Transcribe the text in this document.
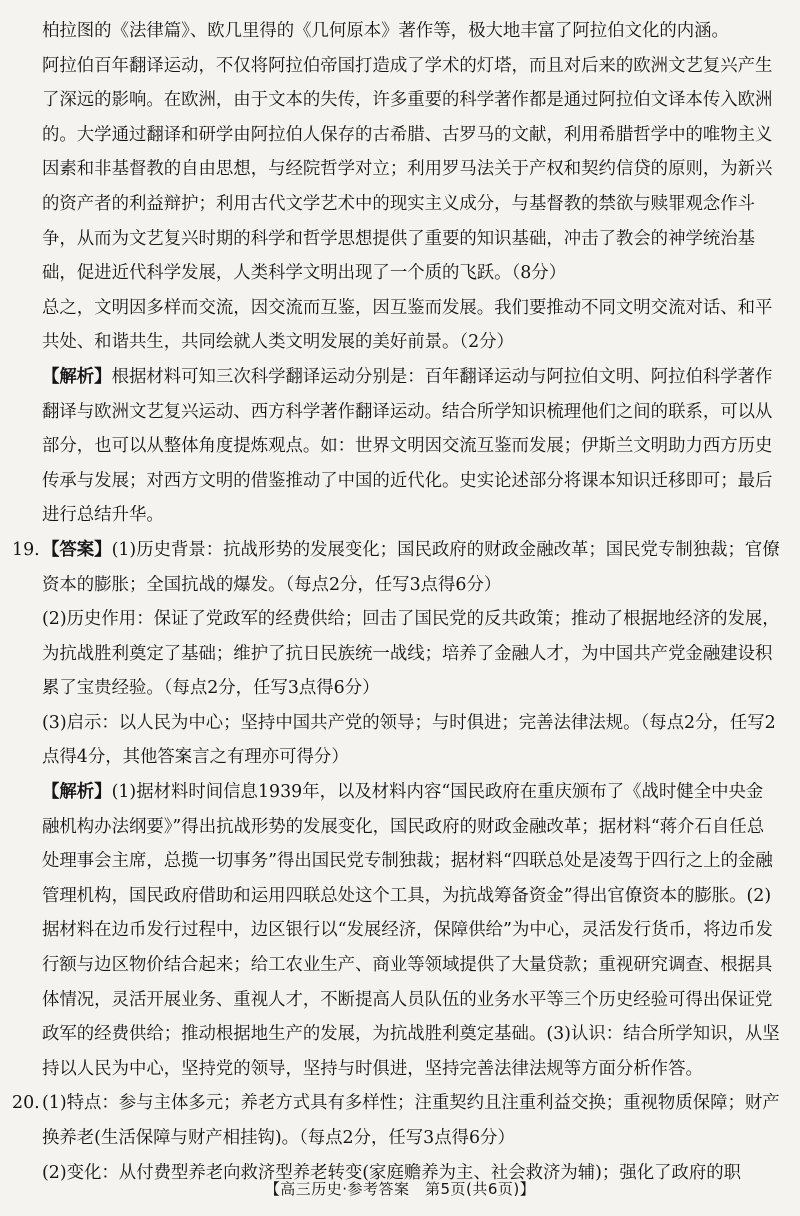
柏拉图的《法律篇》、欧几里得的《几何原本》著作等，极大地丰富了阿拉伯文化的内涵。

阿拉伯百年翻译运动，不仅将阿拉伯帝国打造成了学术的灯塔，而且对后来的欧洲文艺复兴产生了深远的影响。在欧洲，由于文本的失传，许多重要的科学著作都是通过阿拉伯文译本传入欧洲的。大学通过翻译和研学由阿拉伯人保存的古希腊、古罗马的文献，利用希腊哲学中的唯物主义因素和非基督教的自由思想，与经院哲学对立；利用罗马法关于产权和契约信贷的原则，为新兴的资产者的利益辩护；利用古代文学艺术中的现实主义成分，与基督教的禁欲与赎罪观念作斗争，从而为文艺复兴时期的科学和哲学思想提供了重要的知识基础，冲击了教会的神学统治基础，促进近代科学发展，人类科学文明出现了一个质的飞跃。（8分）

总之，文明因多样而交流，因交流而互鉴，因互鉴而发展。我们要推动不同文明交流对话、和平共处、和谐共生，共同绘就人类文明发展的美好前景。（2分）

【解析】根据材料可知三次科学翻译运动分别是：百年翻译运动与阿拉伯文明、阿拉伯科学著作翻译与欧洲文艺复兴运动、西方科学著作翻译运动。结合所学知识梳理他们之间的联系，可以从部分，也可以从整体角度提炼观点。如：世界文明因交流互鉴而发展；伊斯兰文明助力西方历史传承与发展；对西方文明的借鉴推动了中国的近代化。史实论述部分将课本知识迁移即可；最后进行总结升华。

19. 【答案】(1)历史背景：抗战形势的发展变化；国民政府的财政金融改革；国民党专制独裁；官僚资本的膨胀；全国抗战的爆发。（每点2分，任写3点得6分）

(2)历史作用：保证了党政军的经费供给；回击了国民党的反共政策；推动了根据地经济的发展，为抗战胜利奠定了基础；维护了抗日民族统一战线；培养了金融人才，为中国共产党金融建设积累了宝贵经验。（每点2分，任写3点得6分）

(3)启示：以人民为中心；坚持中国共产党的领导；与时俱进；完善法律法规。（每点2分，任写2点得4分，其他答案言之有理亦可得分）

【解析】(1)据材料时间信息1939年，以及材料内容“国民政府在重庆颁布了《战时健全中央金融机构办法纲要》”得出抗战形势的发展变化，国民政府的财政金融改革；据材料“蒋介石自任总处理事会主席，总揽一切事务”得出国民党专制独裁；据材料“四联总处是凌驾于四行之上的金融管理机构，国民政府借助和运用四联总处这个工具，为抗战筹备资金”得出官僚资本的膨胀。(2)据材料在边币发行过程中，边区银行以“发展经济，保障供给”为中心，灵活发行货币，将边币发行额与边区物价结合起来；给工农业生产、商业等领域提供了大量贷款；重视研究调查、根据具体情况，灵活开展业务、重视人才，不断提高人员队伍的业务水平等三个历史经验可得出保证党政军的经费供给；推动根据地生产的发展，为抗战胜利奠定基础。(3)认识：结合所学知识，从坚持以人民为中心，坚持党的领导，坚持与时俱进，坚持完善法律法规等方面分析作答。

20. (1)特点：参与主体多元；养老方式具有多样性；注重契约且注重利益交换；重视物质保障；财产换养老(生活保障与财产相挂钩)。（每点2分，任写3点得6分）

(2)变化：从付费型养老向救济型养老转变(家庭赡养为主、社会救济为辅)；强化了政府的职

【高三历史·参考答案　第5页(共6页)】
